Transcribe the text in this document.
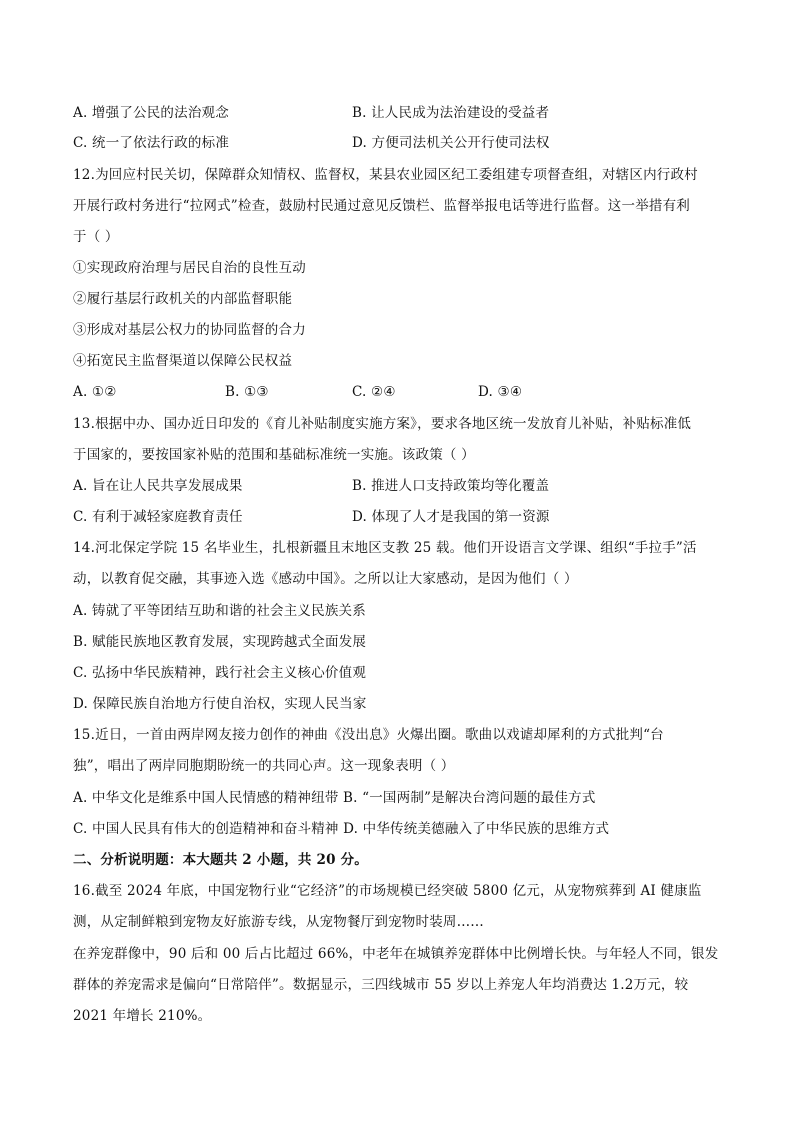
A. 增强了公民的法治观念	B. 让人民成为法治建设的受益者
C. 统一了依法行政的标准	D. 方便司法机关公开行使司法权
12.为回应村民关切，保障群众知情权、监督权，某县农业园区纪工委组建专项督查组，对辖区内行政村
开展行政村务进行“拉网式”检查，鼓励村民通过意见反馈栏、监督举报电话等进行监督。这一举措有利
于（ ）
①实现政府治理与居民自治的良性互动
②履行基层行政机关的内部监督职能
③形成对基层公权力的协同监督的合力
④拓宽民主监督渠道以保障公民权益
A. ①②	B. ①③	C. ②④	D. ③④
13.根据中办、国办近日印发的《育儿补贴制度实施方案》，要求各地区统一发放育儿补贴，补贴标准低
于国家的，要按国家补贴的范围和基础标准统一实施。该政策（ ）
A. 旨在让人民共享发展成果	B. 推进人口支持政策均等化覆盖
C. 有利于减轻家庭教育责任	D. 体现了人才是我国的第一资源
14.河北保定学院 15 名毕业生，扎根新疆且末地区支教 25 载。他们开设语言文学课、组织“手拉手”活
动，以教育促交融，其事迹入选《感动中国》。之所以让大家感动，是因为他们（ ）
A. 铸就了平等团结互助和谐的社会主义民族关系
B. 赋能民族地区教育发展，实现跨越式全面发展
C. 弘扬中华民族精神，践行社会主义核心价值观
D. 保障民族自治地方行使自治权，实现人民当家
15.近日，一首由两岸网友接力创作的神曲《没出息》火爆出圈。歌曲以戏谑却犀利的方式批判“台
独”，唱出了两岸同胞期盼统一的共同心声。这一现象表明（ ）
A. 中华文化是维系中国人民情感的精神纽带 B. “一国两制”是解决台湾问题的最佳方式
C. 中国人民具有伟大的创造精神和奋斗精神 D. 中华传统美德融入了中华民族的思维方式
二、分析说明题：本大题共 2 小题，共 20 分。
16.截至 2024 年底，中国宠物行业“它经济”的市场规模已经突破 5800 亿元，从宠物殡葬到 AI 健康监
测，从定制鲜粮到宠物友好旅游专线，从宠物餐厅到宠物时装周……
在养宠群像中，90 后和 00 后占比超过 66%，中老年在城镇养宠群体中比例增长快。与年轻人不同，银发
群体的养宠需求是偏向“日常陪伴”。数据显示，三四线城市 55 岁以上养宠人年均消费达 1.2万元，较
2021 年增长 210%。
